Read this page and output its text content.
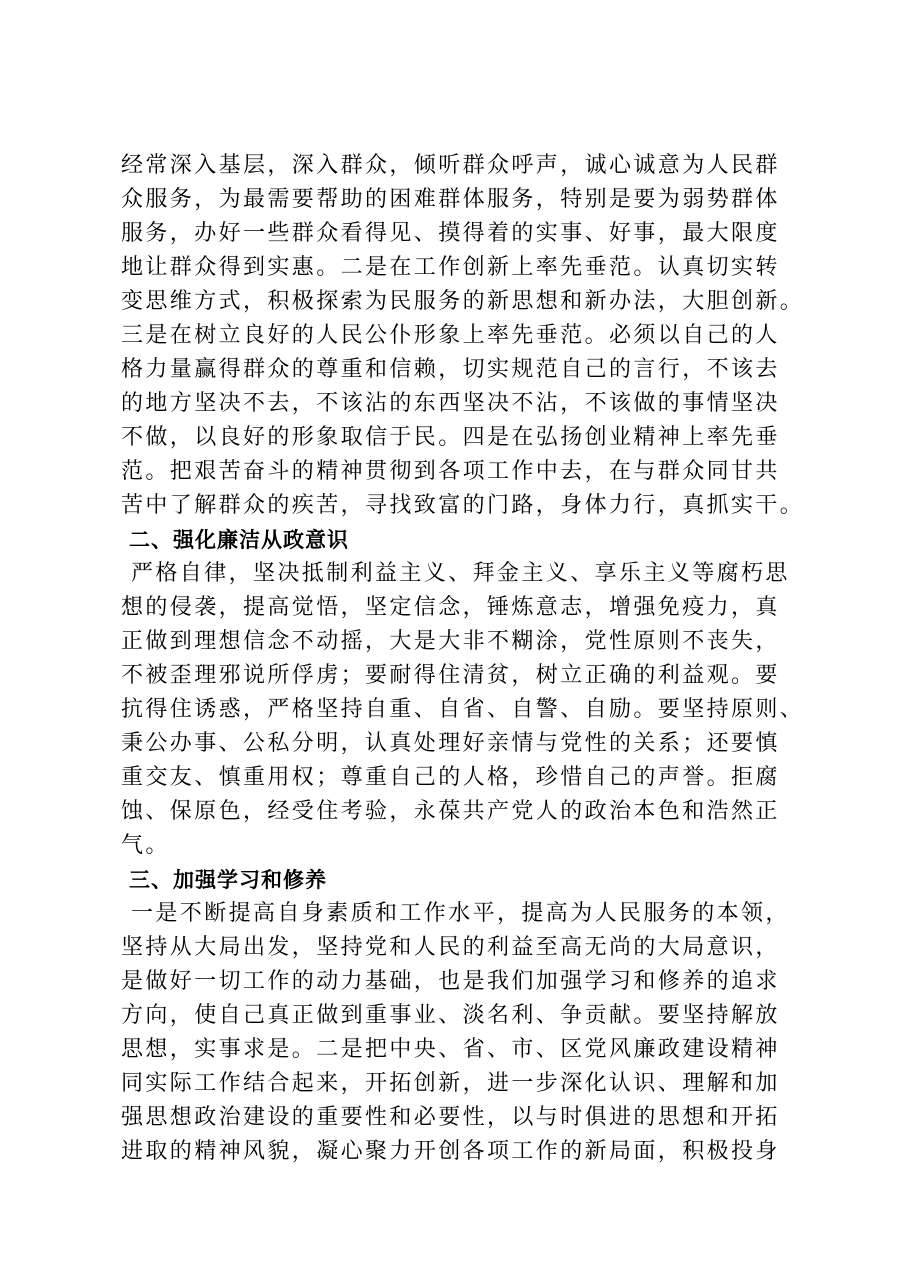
经常深入基层，深入群众，倾听群众呼声，诚心诚意为人民群
众服务，为最需要帮助的困难群体服务，特别是要为弱势群体
服务，办好一些群众看得见、摸得着的实事、好事，最大限度
地让群众得到实惠。二是在工作创新上率先垂范。认真切实转
变思维方式，积极探索为民服务的新思想和新办法，大胆创新。
三是在树立良好的人民公仆形象上率先垂范。必须以自己的人
格力量赢得群众的尊重和信赖，切实规范自己的言行，不该去
的地方坚决不去，不该沾的东西坚决不沾，不该做的事情坚决
不做，以良好的形象取信于民。四是在弘扬创业精神上率先垂
范。把艰苦奋斗的精神贯彻到各项工作中去，在与群众同甘共
苦中了解群众的疾苦，寻找致富的门路，身体力行，真抓实干。
二、强化廉洁从政意识
严格自律，坚决抵制利益主义、拜金主义、享乐主义等腐朽思
想的侵袭，提高觉悟，坚定信念，锤炼意志，增强免疫力，真
正做到理想信念不动摇，大是大非不糊涂，党性原则不丧失，
不被歪理邪说所俘虏；要耐得住清贫，树立正确的利益观。要
抗得住诱惑，严格坚持自重、自省、自警、自励。要坚持原则、
秉公办事、公私分明，认真处理好亲情与党性的关系；还要慎
重交友、慎重用权；尊重自己的人格，珍惜自己的声誉。拒腐
蚀、保原色，经受住考验，永葆共产党人的政治本色和浩然正
气。
三、加强学习和修养
一是不断提高自身素质和工作水平，提高为人民服务的本领，
坚持从大局出发，坚持党和人民的利益至高无尚的大局意识，
是做好一切工作的动力基础，也是我们加强学习和修养的追求
方向，使自己真正做到重事业、淡名利、争贡献。要坚持解放
思想，实事求是。二是把中央、省、市、区党风廉政建设精神
同实际工作结合起来，开拓创新，进一步深化认识、理解和加
强思想政治建设的重要性和必要性，以与时俱进的思想和开拓
进取的精神风貌，凝心聚力开创各项工作的新局面，积极投身
